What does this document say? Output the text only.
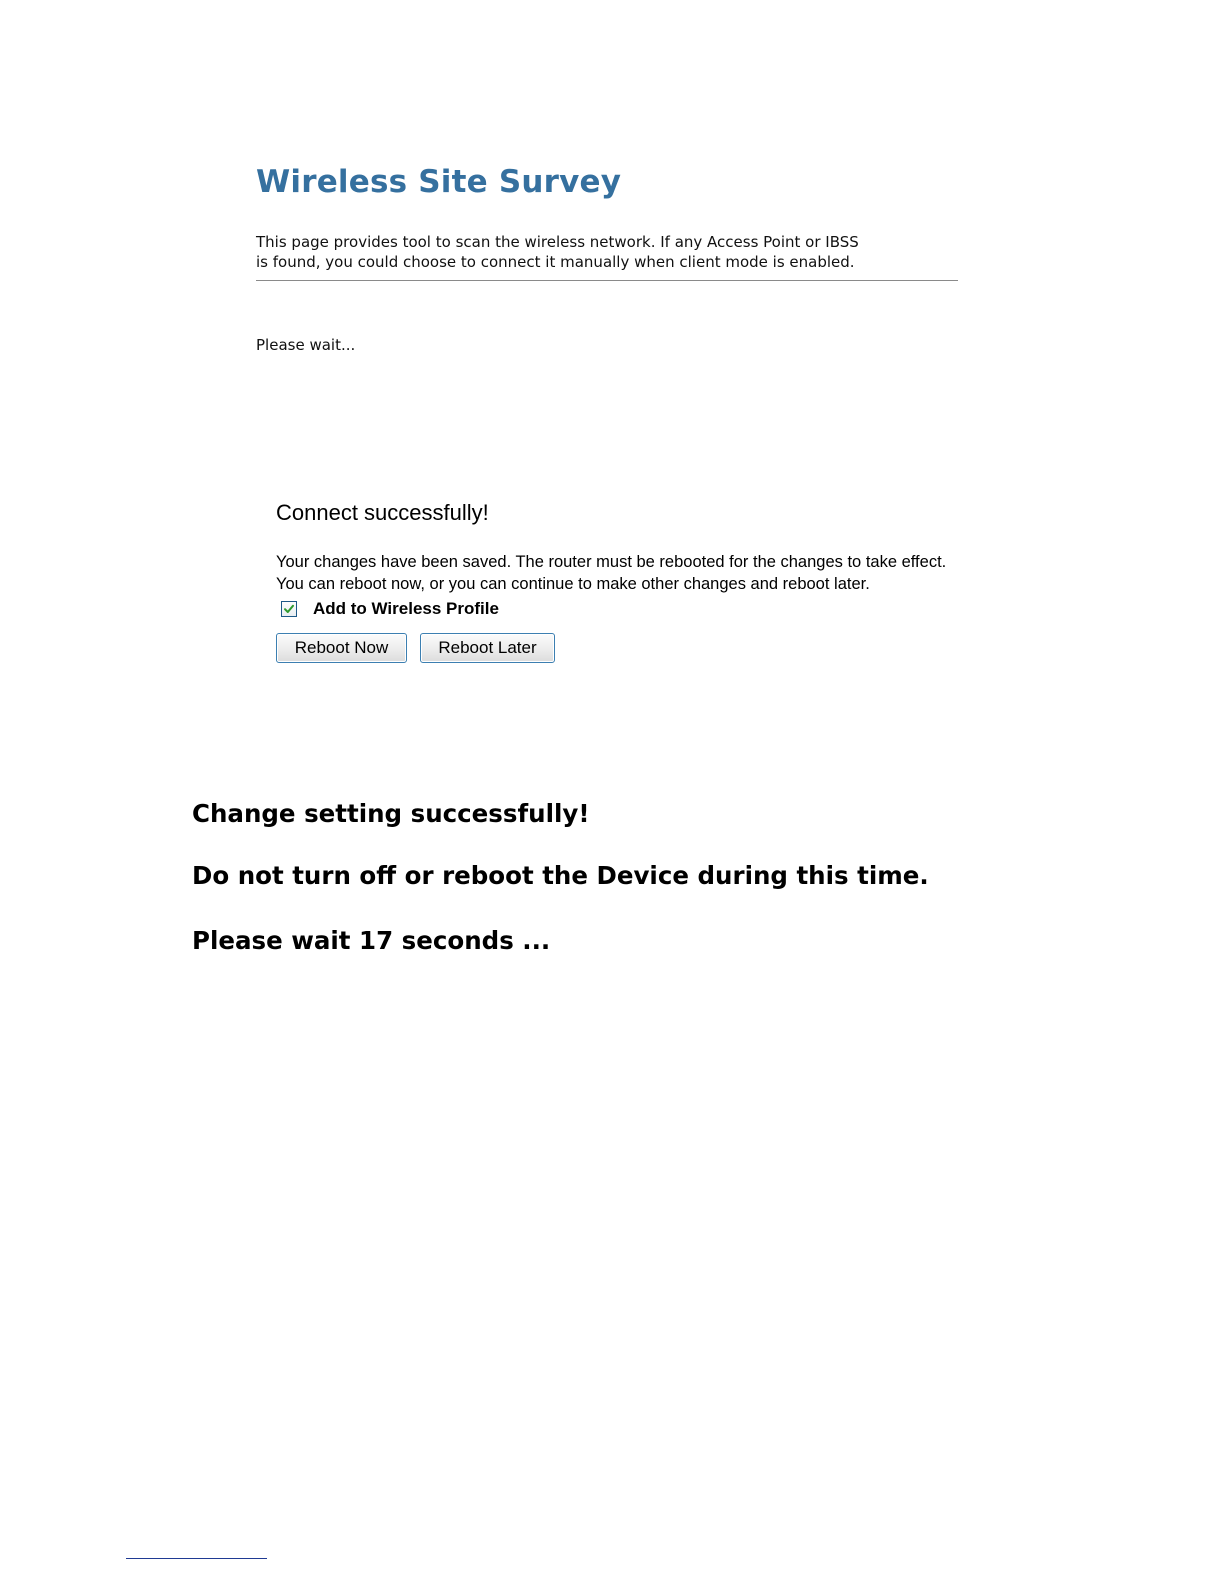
Wireless Site Survey

This page provides tool to scan the wireless network. If any Access Point or IBSS
is found, you could choose to connect it manually when client mode is enabled.

Please wait...

Connect successfully!

Your changes have been saved. The router must be rebooted for the changes to take effect.
You can reboot now, or you can continue to make other changes and reboot later.

Add to Wireless Profile
Reboot Now	Reboot Later

Change setting successfully!

Do not turn off or reboot the Device during this time.

Please wait 17 seconds ...
